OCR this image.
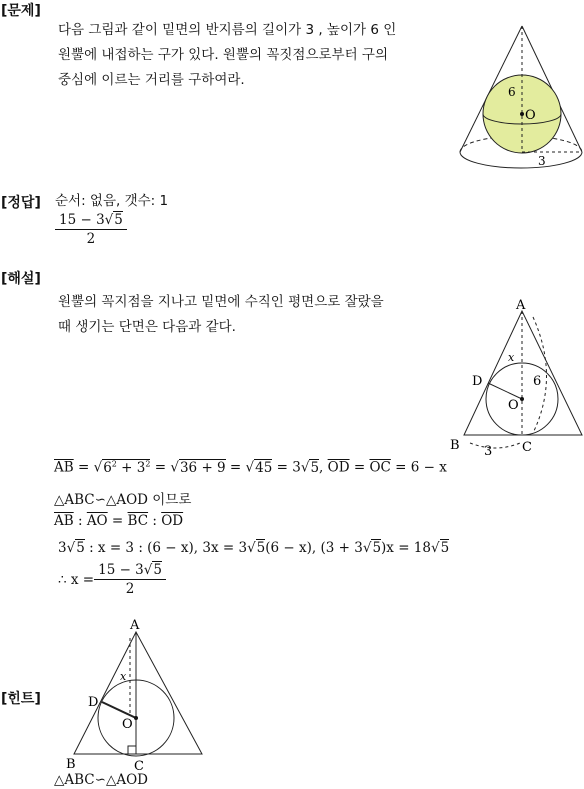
[문제]
[정답]
[해설]
[힌트]
다음 그림과 같이 밑면의 반지름의 길이가 3 , 높이가 6 인
원뿔에 내접하는 구가 있다. 원뿔의 꼭짓점으로부터 구의
중심에 이르는 거리를 구하여라.
6
O
3
순서: 없음, 갯수: 1
$\frac{15 - 3√5}{2}$
원뿔의 꼭지점을 지나고 밑면에 수직인 평면으로 잘랐을
때 생기는 단면은 다음과 같다.
A
D
x
6
O
B 3 C
$\overline{AB} = √6^2 + 3^2 = √36 + 9 = √45 = 3√5$, $\overline{OD} = \overline{OC} = 6 - x$
△ABC∽△AOD 이므로
$\overline{AB}$ : $\overline{AO} = \overline{BC}$ : $\overline{OD}$
3√5 : x = 3 : (6 − x), 3x = 3√5(6 − x), (3 + 3√5)x = 18√5
∴ $x = \frac{15 - 3√5}{2}$
A
D
x
O
B	C
△ABC∽△AOD
